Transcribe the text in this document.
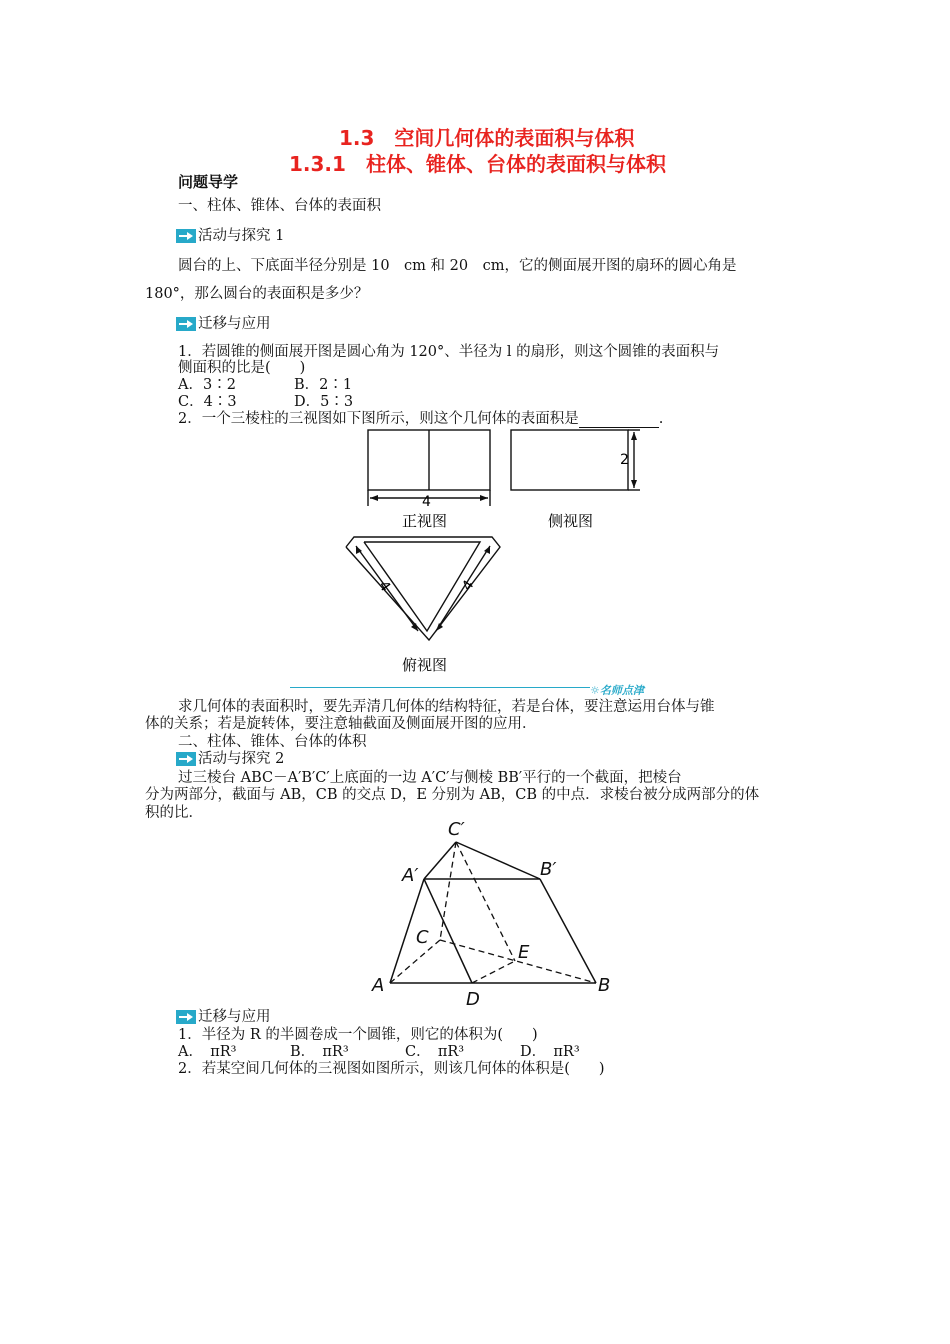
1.3　空间几何体的表面积与体积
1.3.1　柱体、锥体、台体的表面积与体积
问题导学
一、柱体、锥体、台体的表面积
活动与探究 1
圆台的上、下底面半径分别是 10　cm 和 20　cm，它的侧面展开图的扇环的圆心角是
180°，那么圆台的表面积是多少？
迁移与应用
1．若圆锥的侧面展开图是圆心角为 120°、半径为 l 的扇形，则这个圆锥的表面积与
侧面积的比是(　　)
A．3∶2	B．2∶1
C．4∶3	D．5∶3
2．一个三棱柱的三视图如下图所示，则这个几何体的表面积是	.
4
2
4	4
正视图	侧视图
俯视图
☼名师点津
求几何体的表面积时，要先弄清几何体的结构特征，若是台体，要注意运用台体与锥
体的关系；若是旋转体，要注意轴截面及侧面展开图的应用．
二、柱体、锥体、台体的体积
活动与探究 2
过三棱台 ABC－A′B′C′上底面的一边 A′C′与侧棱 BB′平行的一个截面，把棱台
分为两部分，截面与 AB，CB 的交点 D，E 分别为 AB，CB 的中点．求棱台被分成两部分的体
积的比．
C′
A′	B′
C
E
A
D
B
迁移与应用
1．半径为 R 的半圆卷成一个圆锥，则它的体积为(　　)
A．　πR³	B．　πR³	C．　πR³	D．　πR³
2．若某空间几何体的三视图如图所示，则该几何体的体积是(　　)
